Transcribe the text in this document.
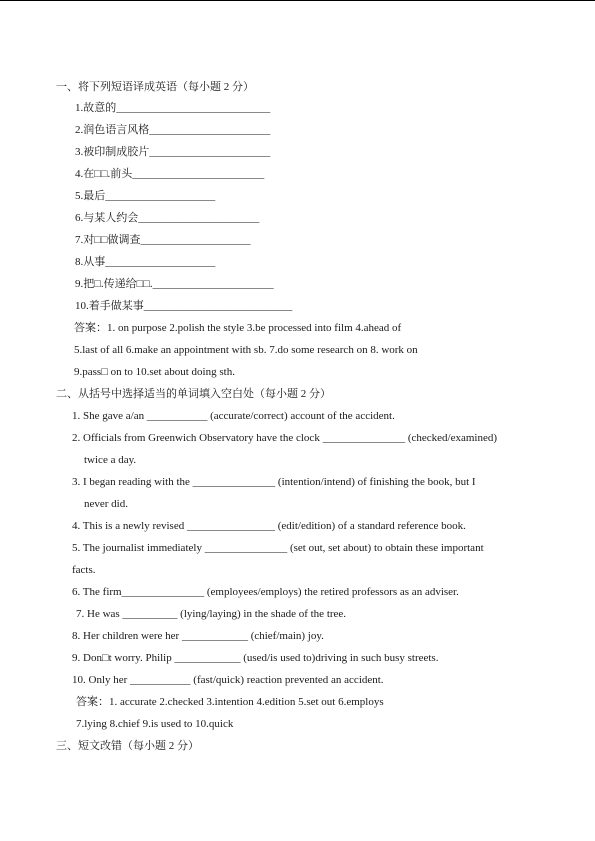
一、将下列短语译成英语（每小题 2 分）
1.故意的____________________________
2.润色语言风格______________________
3.被印制成胶片______________________
4.在□□.前头________________________
5.最后____________________
6.与某人约会______________________
7.对□□做调查____________________
8.从事____________________
9.把□.传递给□□.______________________
10.着手做某事___________________________
答案：1. on purpose 2.polish the style 3.be processed into film 4.ahead of
5.last of all 6.make an appointment with sb. 7.do some research on 8. work on
9.pass□ on to 10.set about doing sth.
二、从括号中选择适当的单词填入空白处（每小题 2 分）
1. She gave a/an ___________ (accurate/correct) account of the accident.
2. Officials from Greenwich Observatory have the clock _______________ (checked/examined)
twice a day.
3. I began reading with the _______________ (intention/intend) of finishing the book, but I
never did.
4. This is a newly revised ________________ (edit/edition) of a standard reference book.
5. The journalist immediately _______________ (set out, set about) to obtain these important
facts.
6. The firm_______________ (employees/employs) the retired professors as an adviser.
7. He was __________ (lying/laying) in the shade of the tree.
8. Her children were her ____________ (chief/main) joy.
9. Don□t worry. Philip ____________ (used/is used to)driving in such busy streets.
10. Only her ___________ (fast/quick) reaction prevented an accident.
答案：1. accurate 2.checked 3.intention 4.edition 5.set out 6.employs
7.lying 8.chief 9.is used to 10.quick
三、短文改错（每小题 2 分）
